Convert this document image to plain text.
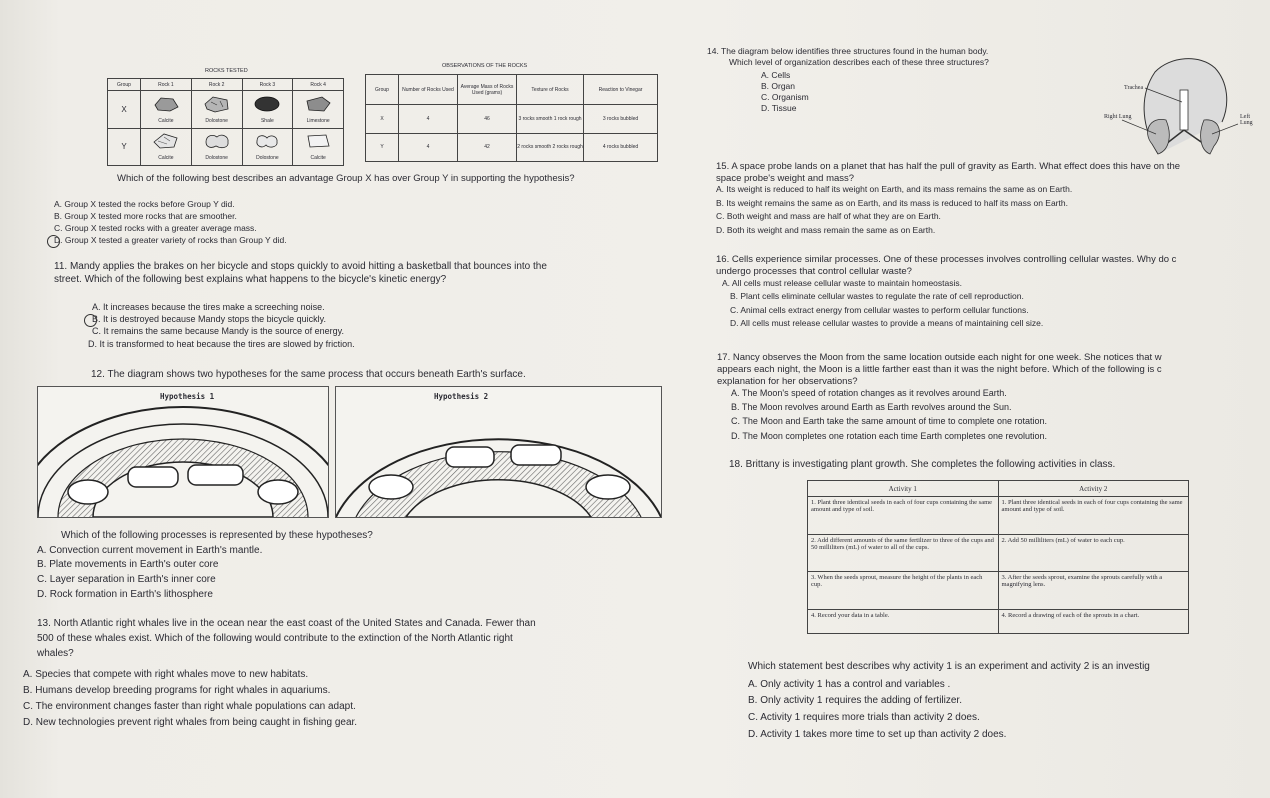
ROCKS TESTED
Group	Rock 1	Rock 2	Rock 3	Rock 4
X	Calcite	Dolostone	Shale	Limestone

Y	Calcite	Dolostone	Dolostone	Calcite
OBSERVATIONS OF THE ROCKS
Group	Number of Rocks Used	Average Mass of Rocks Used (grams)	Texture of Rocks	Reaction to Vinegar
X	4	46	3 rocks smooth 1 rock rough	3 rocks bubbled
Y	4	42	2 rocks smooth 2 rocks rough	4 rocks bubbled
Which of the following best describes an advantage Group X has over Group Y in supporting the hypothesis?
A. Group X tested the rocks before Group Y did.
B. Group X tested more rocks that are smoother.
C. Group X tested rocks with a greater average mass.
D. Group X tested a greater variety of rocks than Group Y did.
11. Mandy applies the brakes on her bicycle and stops quickly to avoid hitting a basketball that bounces into the
street. Which of the following best explains what happens to the bicycle's kinetic energy?
A. It increases because the tires make a screeching noise.
B. It is destroyed because Mandy stops the bicycle quickly.
C. It remains the same because Mandy is the source of energy.
D. It is transformed to heat because the tires are slowed by friction.
12. The diagram shows two hypotheses for the same process that occurs beneath Earth's surface.
Hypothesis 1	Hypothesis 2
Which of the following processes is represented by these hypotheses?
A. Convection current movement in Earth's mantle.
B. Plate movements in Earth's outer core
C. Layer separation in Earth's inner core
D. Rock formation in Earth's lithosphere
13. North Atlantic right whales live in the ocean near the east coast of the United States and Canada. Fewer than
500 of these whales exist. Which of the following would contribute to the extinction of the North Atlantic right
whales?
A. Species that compete with right whales move to new habitats.
B. Humans develop breeding programs for right whales in aquariums.
C. The environment changes faster than right whale populations can adapt.
D. New technologies prevent right whales from being caught in fishing gear.
14. The diagram below identifies three structures found in the human body.
Which level of organization describes each of these three structures?
A. Cells
B. Organ
C. Organism
D. Tissue
Trachea
Right Lung	Left Lung
15. A space probe lands on a planet that has half the pull of gravity as Earth. What effect does this have on the
space probe's weight and mass?
A. Its weight is reduced to half its weight on Earth, and its mass remains the same as on Earth.
B. Its weight remains the same as on Earth, and its mass is reduced to half its mass on Earth.
C. Both weight and mass are half of what they are on Earth.
D. Both its weight and mass remain the same as on Earth.
16. Cells experience similar processes. One of these processes involves controlling cellular wastes. Why do c
undergo processes that control cellular waste?
A. All cells must release cellular waste to maintain homeostasis.
B. Plant cells eliminate cellular wastes to regulate the rate of cell reproduction.
C. Animal cells extract energy from cellular wastes to perform cellular functions.
D. All cells must release cellular wastes to provide a means of maintaining cell size.
17. Nancy observes the Moon from the same location outside each night for one week. She notices that w
appears each night, the Moon is a little farther east than it was the night before. Which of the following is c
explanation for her observations?
A. The Moon's speed of rotation changes as it revolves around Earth.
B. The Moon revolves around Earth as Earth revolves around the Sun.
C. The Moon and Earth take the same amount of time to complete one rotation.
D. The Moon completes one rotation each time Earth completes one revolution.
18. Brittany is investigating plant growth. She completes the following activities in class.
Activity 1	Activity 2
1. Plant three identical seeds in each of four cups containing the same amount and type of soil.	1. Plant three identical seeds in each of four cups containing the same amount and type of soil.
2. Add different amounts of the same fertilizer to three of the cups and 50 milliliters (mL) of water to all of the cups.	2. Add 50 milliliters (mL) of water to each cup.
3. When the seeds sprout, measure the height of the plants in each cup.	3. After the seeds sprout, examine the sprouts carefully with a magnifying lens.
4. Record your data in a table.	4. Record a drawing of each of the sprouts in a chart.
Which statement best describes why activity 1 is an experiment and activity 2 is an investig
A. Only activity 1 has a control and variables .
B. Only activity 1 requires the adding of fertilizer.
C. Activity 1 requires more trials than activity 2 does.
D. Activity 1 takes more time to set up than activity 2 does.
